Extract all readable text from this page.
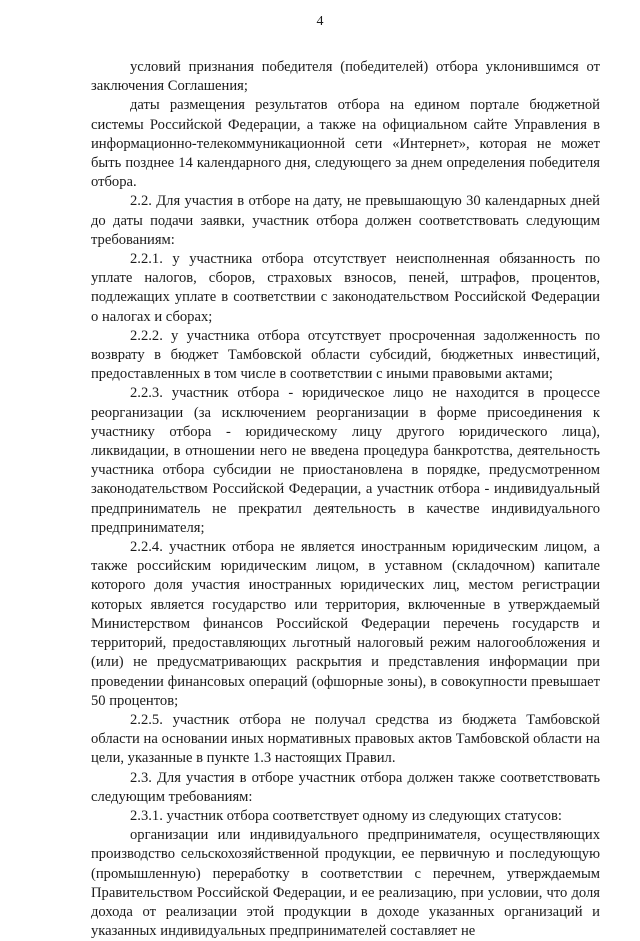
4

условий признания победителя (победителей) отбора уклонившимся от заключения Соглашения;

даты размещения результатов отбора на едином портале бюджетной системы Российской Федерации, а также на официальном сайте Управления в информационно-телекоммуникационной сети «Интернет», которая не может быть позднее 14 календарного дня, следующего за днем определения победителя отбора.

2.2. Для участия в отборе на дату, не превышающую 30 календарных дней до даты подачи заявки, участник отбора должен соответствовать следующим требованиям:

2.2.1. у участника отбора отсутствует неисполненная обязанность по уплате налогов, сборов, страховых взносов, пеней, штрафов, процентов, подлежащих уплате в соответствии с законодательством Российской Федерации о налогах и сборах;

2.2.2. у участника отбора отсутствует просроченная задолженность по возврату в бюджет Тамбовской области субсидий, бюджетных инвестиций, предоставленных в том числе в соответствии с иными правовыми актами;

2.2.3. участник отбора - юридическое лицо не находится в процессе реорганизации (за исключением реорганизации в форме присоединения к участнику отбора - юридическому лицу другого юридического лица), ликвидации, в отношении него не введена процедура банкротства, деятельность участника отбора субсидии не приостановлена в порядке, предусмотренном законодательством Российской Федерации, а участник отбора - индивидуальный предприниматель не прекратил деятельность в качестве индивидуального предпринимателя;

2.2.4. участник отбора не является иностранным юридическим лицом, а также российским юридическим лицом, в уставном (складочном) капитале которого доля участия иностранных юридических лиц, местом регистрации которых является государство или территория, включенные в утверждаемый Министерством финансов Российской Федерации перечень государств и территорий, предоставляющих льготный налоговый режим налогообложения и (или) не предусматривающих раскрытия и представления информации при проведении финансовых операций (офшорные зоны), в совокупности превышает 50 процентов;

2.2.5. участник отбора не получал средства из бюджета Тамбовской области на основании иных нормативных правовых актов Тамбовской области на цели, указанные в пункте 1.3 настоящих Правил.

2.3. Для участия в отборе участник отбора должен также соответствовать следующим требованиям:

2.3.1. участник отбора соответствует одному из следующих статусов:

организации или индивидуального предпринимателя, осуществляющих производство сельскохозяйственной продукции, ее первичную и последующую (промышленную) переработку в соответствии с перечнем, утверждаемым Правительством Российской Федерации, и ее реализацию, при условии, что доля дохода от реализации этой продукции в доходе указанных организаций и указанных индивидуальных предпринимателей составляет не
